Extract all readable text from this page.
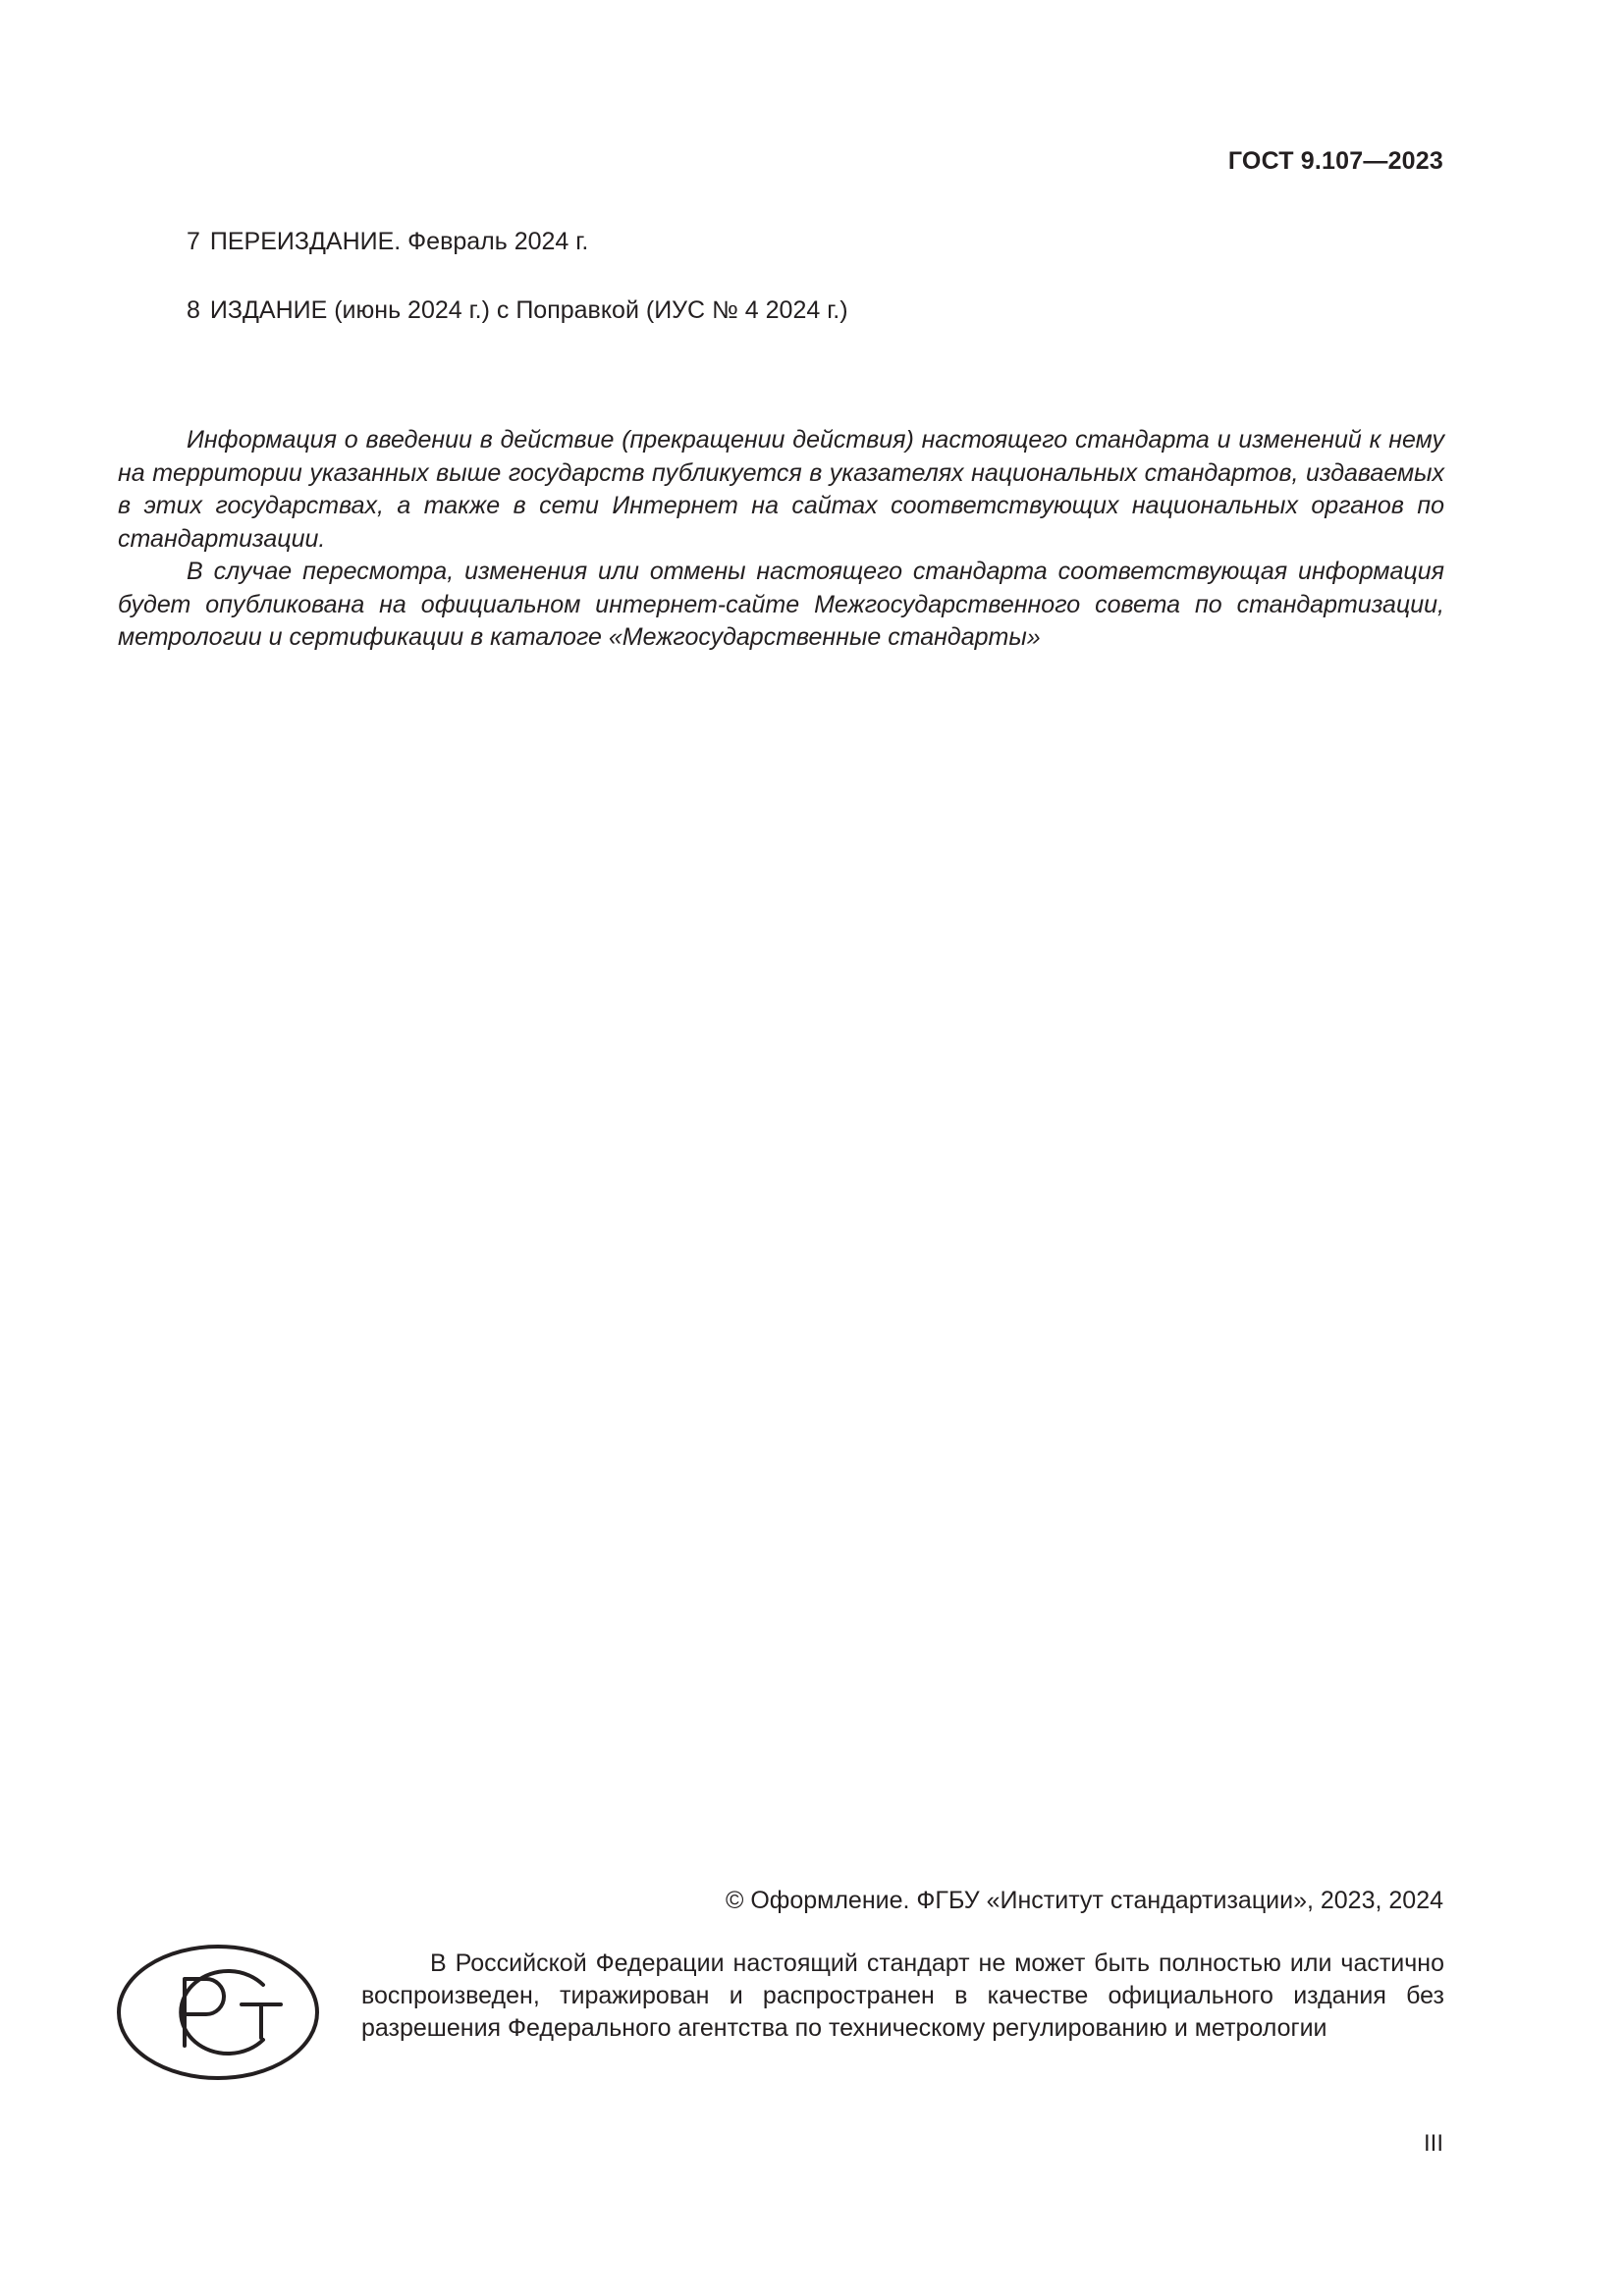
ГОСТ 9.107—2023
7 ПЕРЕИЗДАНИЕ. Февраль 2024 г.
8 ИЗДАНИЕ (июнь 2024 г.) с Поправкой (ИУС № 4 2024 г.)

Информация о введении в действие (прекращении действия) настоящего стандарта и изменений к нему на территории указанных выше государств публикуется в указателях национальных стандартов, издаваемых в этих государствах, а также в сети Интернет на сайтах соответствующих национальных органов по стандартизации.

В случае пересмотра, изменения или отмены настоящего стандарта соответствующая информация будет опубликована на официальном интернет-сайте Межгосударственного совета по стандартизации, метрологии и сертификации в каталоге «Межгосударственные стандарты»

© Оформление. ФГБУ «Институт стандартизации», 2023, 2024
РСТ

В Российской Федерации настоящий стандарт не может быть полностью или частично воспроизведен, тиражирован и распространен в качестве официального издания без разрешения Федерального агентства по техническому регулированию и метрологии

III
